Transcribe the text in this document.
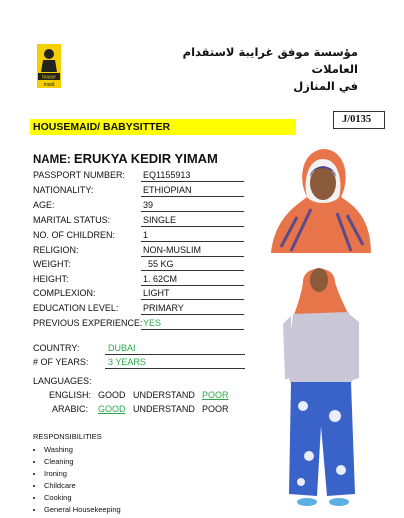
house
maid
مؤسسة موفق غرايبة لاستقدام العاملات
في المنازل
J/0135
HOUSEMAID/ BABYSITTER
NAME: ERUKYA KEDIR YIMAM
PASSPORT NUMBER: EQ1155913
NATIONALITY:	ETHIOPIAN
AGE:	39
MARITAL STATUS:	SINGLE
NO. OF CHILDREN:	1
RELIGION:	NON-MUSLIM
WEIGHT:	55 KG
HEIGHT:	1. 62CM
COMPLEXION:	LIGHT
EDUCATION LEVEL:	PRIMARY
PREVIOUS EXPERIENCE: YES
COUNTRY:	DUBAI
# OF YEARS:	3 YEARS
LANGUAGES:
ENGLISH: GOOD UNDERSTAND POOR
ARABIC: GOOD UNDERSTAND POOR
RESPONSIBILITIES
• Washing
• Cleaning
• Ironing
• Childcare
• Cooking
• General Housekeeping
